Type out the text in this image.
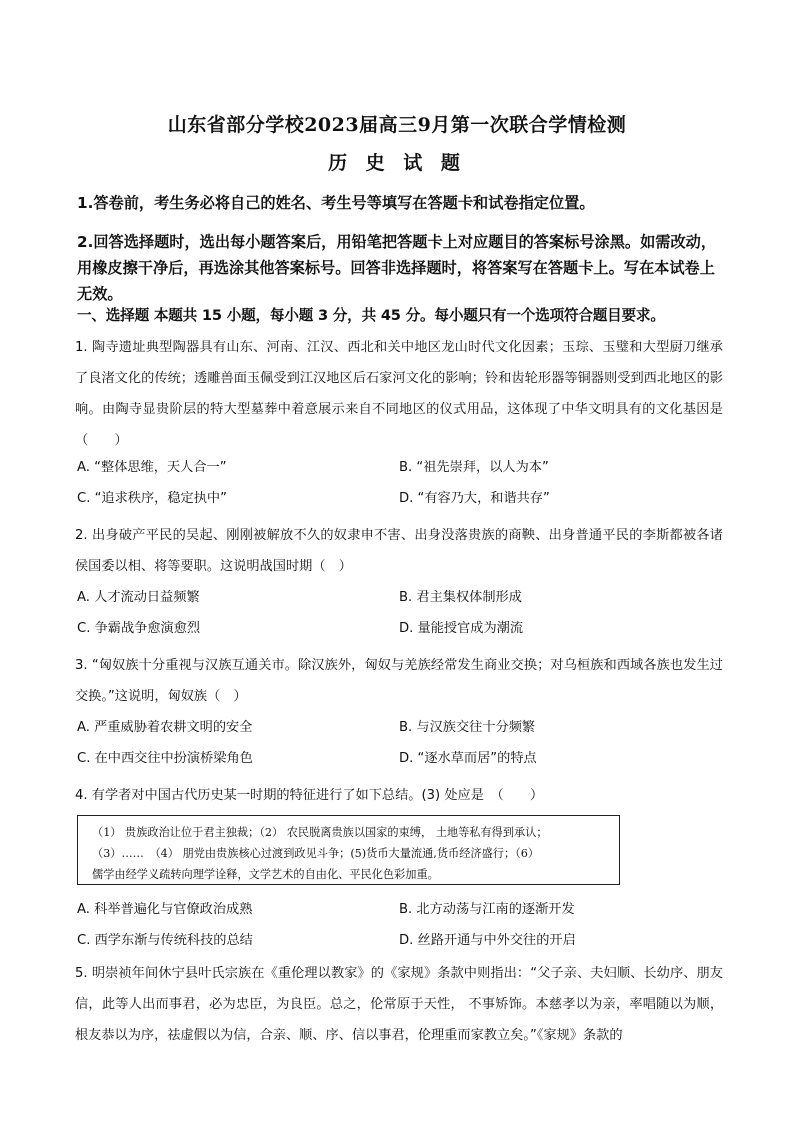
山东省部分学校2023届高三9月第一次联合学情检测
历 史 试 题
1.答卷前，考生务必将自己的姓名、考生号等填写在答题卡和试卷指定位置。
2.回答选择题时，选出每小题答案后，用铅笔把答题卡上对应题目的答案标号涂黑。如需改动，用橡皮擦干净后，再选涂其他答案标号。回答非选择题时，将答案写在答题卡上。写在本试卷上无效。
一、选择题 本题共 15 小题，每小题 3 分，共 45 分。每小题只有一个选项符合题目要求。
1. 陶寺遗址典型陶器具有山东、河南、江汉、西北和关中地区龙山时代文化因素；玉琮、玉璧和大型厨刀继承了良渚文化的传统；透雕兽面玉佩受到江汉地区后石家河文化的影响；铃和齿轮形器等铜器则受到西北地区的影响。由陶寺显贵阶层的特大型墓葬中着意展示来自不同地区的仪式用品，这体现了中华文明具有的文化基因是（　　）
A. “整体思维，天人合一”	B. “祖先崇拜，以人为本”
C. “追求秩序，稳定执中”	D. “有容乃大，和谐共存”
2. 出身破产平民的吴起、刚刚被解放不久的奴隶申不害、出身没落贵族的商鞅、出身普通平民的李斯都被各诸侯国委以相、将等要职。这说明战国时期（　）
A. 人才流动日益频繁	B. 君主集权体制形成
C. 争霸战争愈演愈烈	D. 量能授官成为潮流
3. “匈奴族十分重视与汉族互通关市。除汉族外，匈奴与羌族经常发生商业交换；对乌桓族和西域各族也发生过交换。”这说明，匈奴族（　）
A. 严重威胁着农耕文明的安全	B. 与汉族交往十分频繁
C. 在中西交往中扮演桥梁角色	D. “逐水草而居”的特点
4. 有学者对中国古代历史某一时期的特征进行了如下总结。(3) 处应是　（　　）
（1） 贵族政治让位于君主独裁；（2） 农民脱离贵族以国家的束缚， 土地等私有得到承认；
（3）……　（4） 朋党由贵族核心过渡到政见斗争；(5)货币大量流通,货币经济盛行；（6）
儒学由经学义疏转向理学诠释，文学艺术的自由化、平民化色彩加重。
A. 科举普遍化与官僚政治成熟	B. 北方动荡与江南的逐渐开发
C. 西学东渐与传统科技的总结	D. 丝路开通与中外交往的开启
5. 明崇祯年间休宁县叶氏宗族在《重伦理以教家》的《家规》条款中则指出：“父子亲、夫妇顺、长幼序、朋友信，此等人出而事君，必为忠臣，为良臣。总之，伦常原于天性， 不事矫饰。本慈孝以为亲，率唱随以为顺，根友恭以为序，祛虚假以为信，合亲、顺、序、信以事君，伦理重而家教立矣。”《家规》条款的
